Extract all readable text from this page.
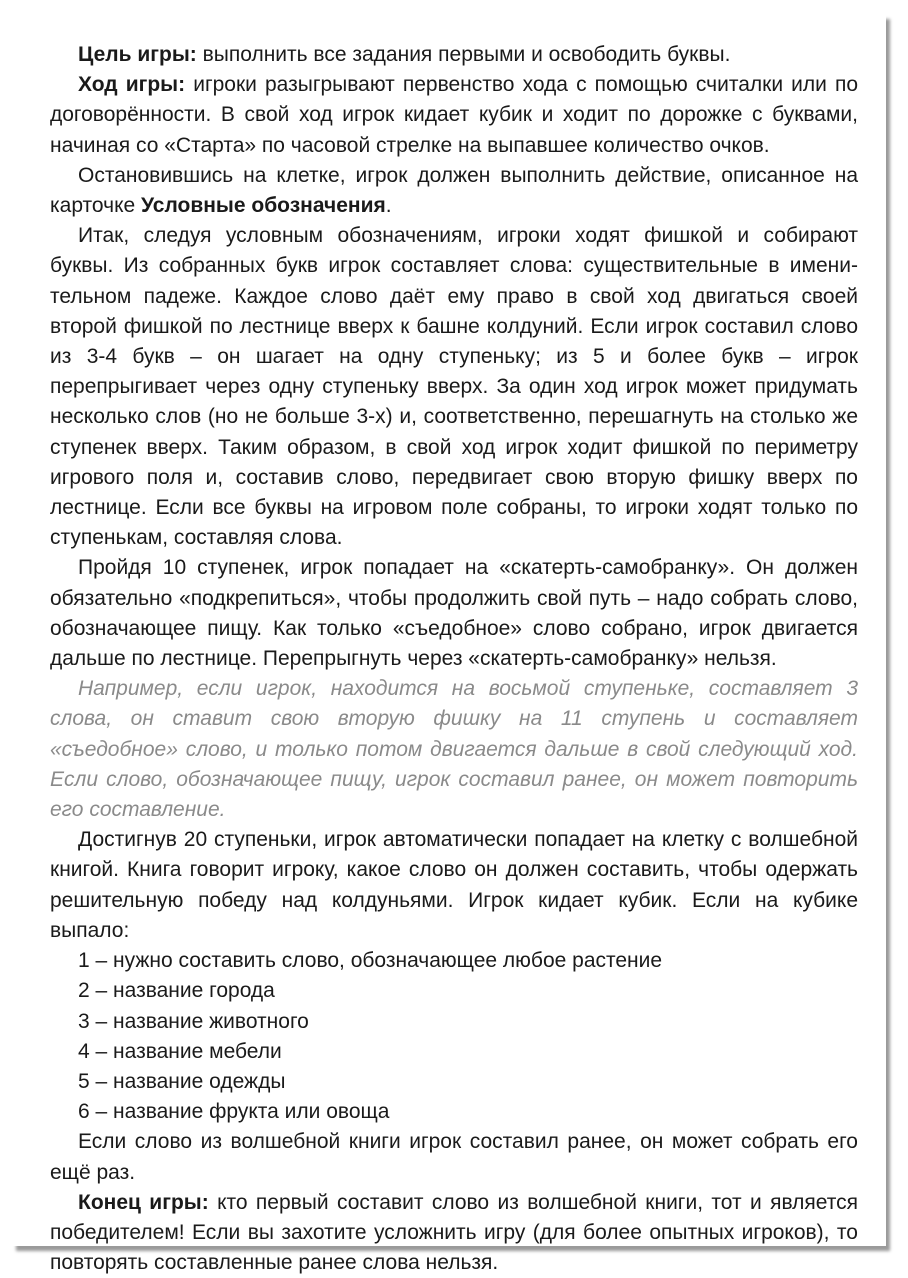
Цель игры: выполнить все задания первыми и освободить буквы.

Ход игры: игроки разыгрывают первенство хода с помощью считалки или по договорённости. В свой ход игрок кидает кубик и ходит по дорожке с буквами, начиная со «Старта» по часовой стрелке на выпавшее количество очков.

Остановившись на клетке, игрок должен выполнить действие, описанное на карточке Условные обозначения.

Итак, следуя условным обозначениям, игроки ходят фишкой и собирают буквы. Из собранных букв игрок составляет слова: существительные в именительном падеже. Каждое слово даёт ему право в свой ход двигаться своей второй фишкой по лестнице вверх к башне колдуний. Если игрок составил слово из 3-4 букв – он шагает на одну ступеньку; из 5 и более букв – игрок перепрыгивает через одну ступеньку вверх. За один ход игрок может придумать несколько слов (но не больше 3-х) и, соответственно, перешагнуть на столько же ступенек вверх. Таким образом, в свой ход игрок ходит фишкой по периметру игрового поля и, составив слово, передвигает свою вторую фишку вверх по лестнице. Если все буквы на игровом поле собраны, то игроки ходят только по ступенькам, составляя слова.

Пройдя 10 ступенек, игрок попадает на «скатерть-самобранку». Он должен обязательно «подкрепиться», чтобы продолжить свой путь – надо собрать слово, обозначающее пищу. Как только «съедобное» слово собрано, игрок двигается дальше по лестнице. Перепрыгнуть через «скатерть-самобранку» нельзя.

Например, если игрок, находится на восьмой ступеньке, составляет 3 слова, он ставит свою вторую фишку на 11 ступень и составляет «съедобное» слово, и только потом двигается дальше в свой следующий ход. Если слово, обозначающее пищу, игрок составил ранее, он может повторить его составление.

Достигнув 20 ступеньки, игрок автоматически попадает на клетку с волшебной книгой. Книга говорит игроку, какое слово он должен составить, чтобы одержать решительную победу над колдуньями. Игрок кидает кубик. Если на кубике выпало:

1 – нужно составить слово, обозначающее любое растение
2 – название города
3 – название животного
4 – название мебели
5 – название одежды
6 – название фрукта или овоща

Если слово из волшебной книги игрок составил ранее, он может собрать его ещё раз.

Конец игры: кто первый составит слово из волшебной книги, тот и является победителем! Если вы захотите усложнить игру (для более опытных игроков), то повторять составленные ранее слова нельзя.
